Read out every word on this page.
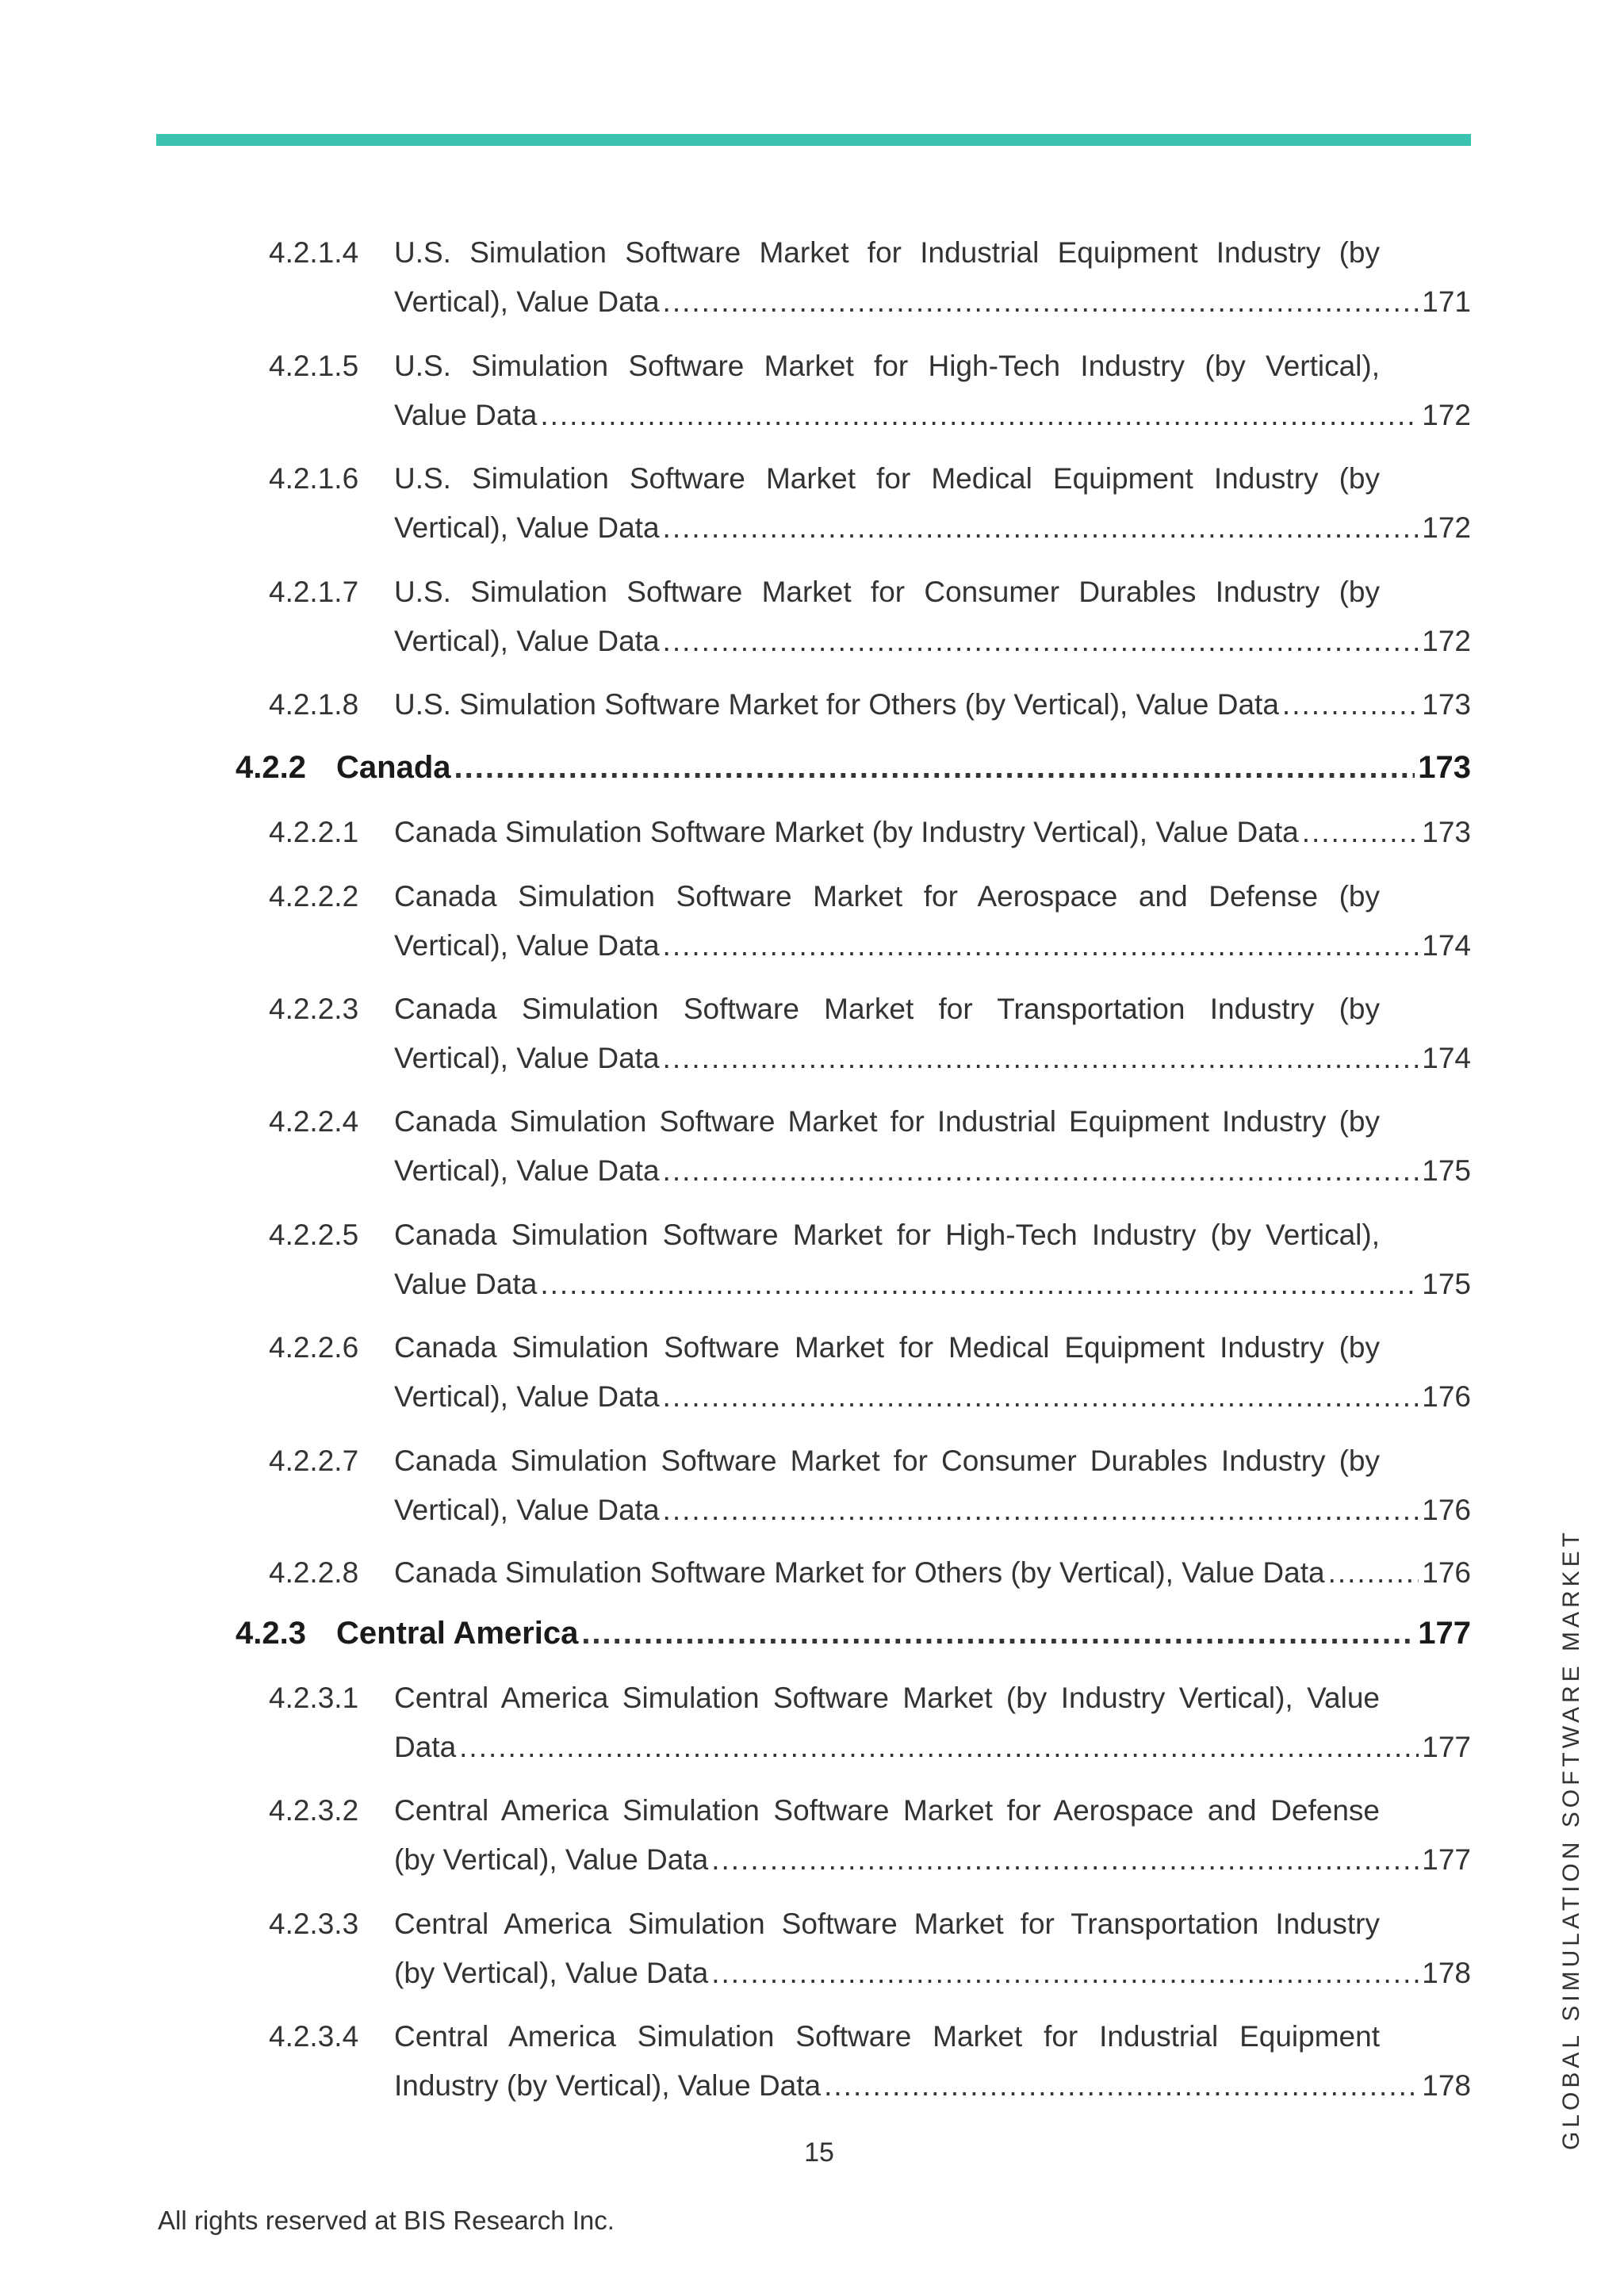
4.2.1.4 U.S. Simulation Software Market for Industrial Equipment Industry (by
Vertical), Value Data .....	171
4.2.1.5 U.S. Simulation Software Market for High-Tech Industry (by Vertical),
Value Data .....	172
4.2.1.6 U.S. Simulation Software Market for Medical Equipment Industry (by
Vertical), Value Data .....	172
4.2.1.7 U.S. Simulation Software Market for Consumer Durables Industry (by
Vertical), Value Data .....	172
4.2.1.8 U.S. Simulation Software Market for Others (by Vertical), Value Data .....	173
4.2.2 Canada .....	173
4.2.2.1 Canada Simulation Software Market (by Industry Vertical), Value Data .....	173
4.2.2.2 Canada Simulation Software Market for Aerospace and Defense (by
Vertical), Value Data .....	174
4.2.2.3 Canada Simulation Software Market for Transportation Industry (by
Vertical), Value Data .....	174
4.2.2.4 Canada Simulation Software Market for Industrial Equipment Industry (by
Vertical), Value Data .....	175
4.2.2.5 Canada Simulation Software Market for High-Tech Industry (by Vertical),
Value Data .....	175
4.2.2.6 Canada Simulation Software Market for Medical Equipment Industry (by
Vertical), Value Data .....	176
4.2.2.7 Canada Simulation Software Market for Consumer Durables Industry (by
Vertical), Value Data .....	176
4.2.2.8 Canada Simulation Software Market for Others (by Vertical), Value Data .....	176
4.2.3 Central America .....	177
4.2.3.1 Central America Simulation Software Market (by Industry Vertical), Value
Data .....	177
4.2.3.2 Central America Simulation Software Market for Aerospace and Defense
(by Vertical), Value Data .....	177
4.2.3.3 Central America Simulation Software Market for Transportation Industry
(by Vertical), Value Data .....	178
4.2.3.4 Central America Simulation Software Market for Industrial Equipment
Industry (by Vertical), Value Data .....	178
15
All rights reserved at BIS Research Inc.
GLOBAL SIMULATION SOFTWARE MARKET
